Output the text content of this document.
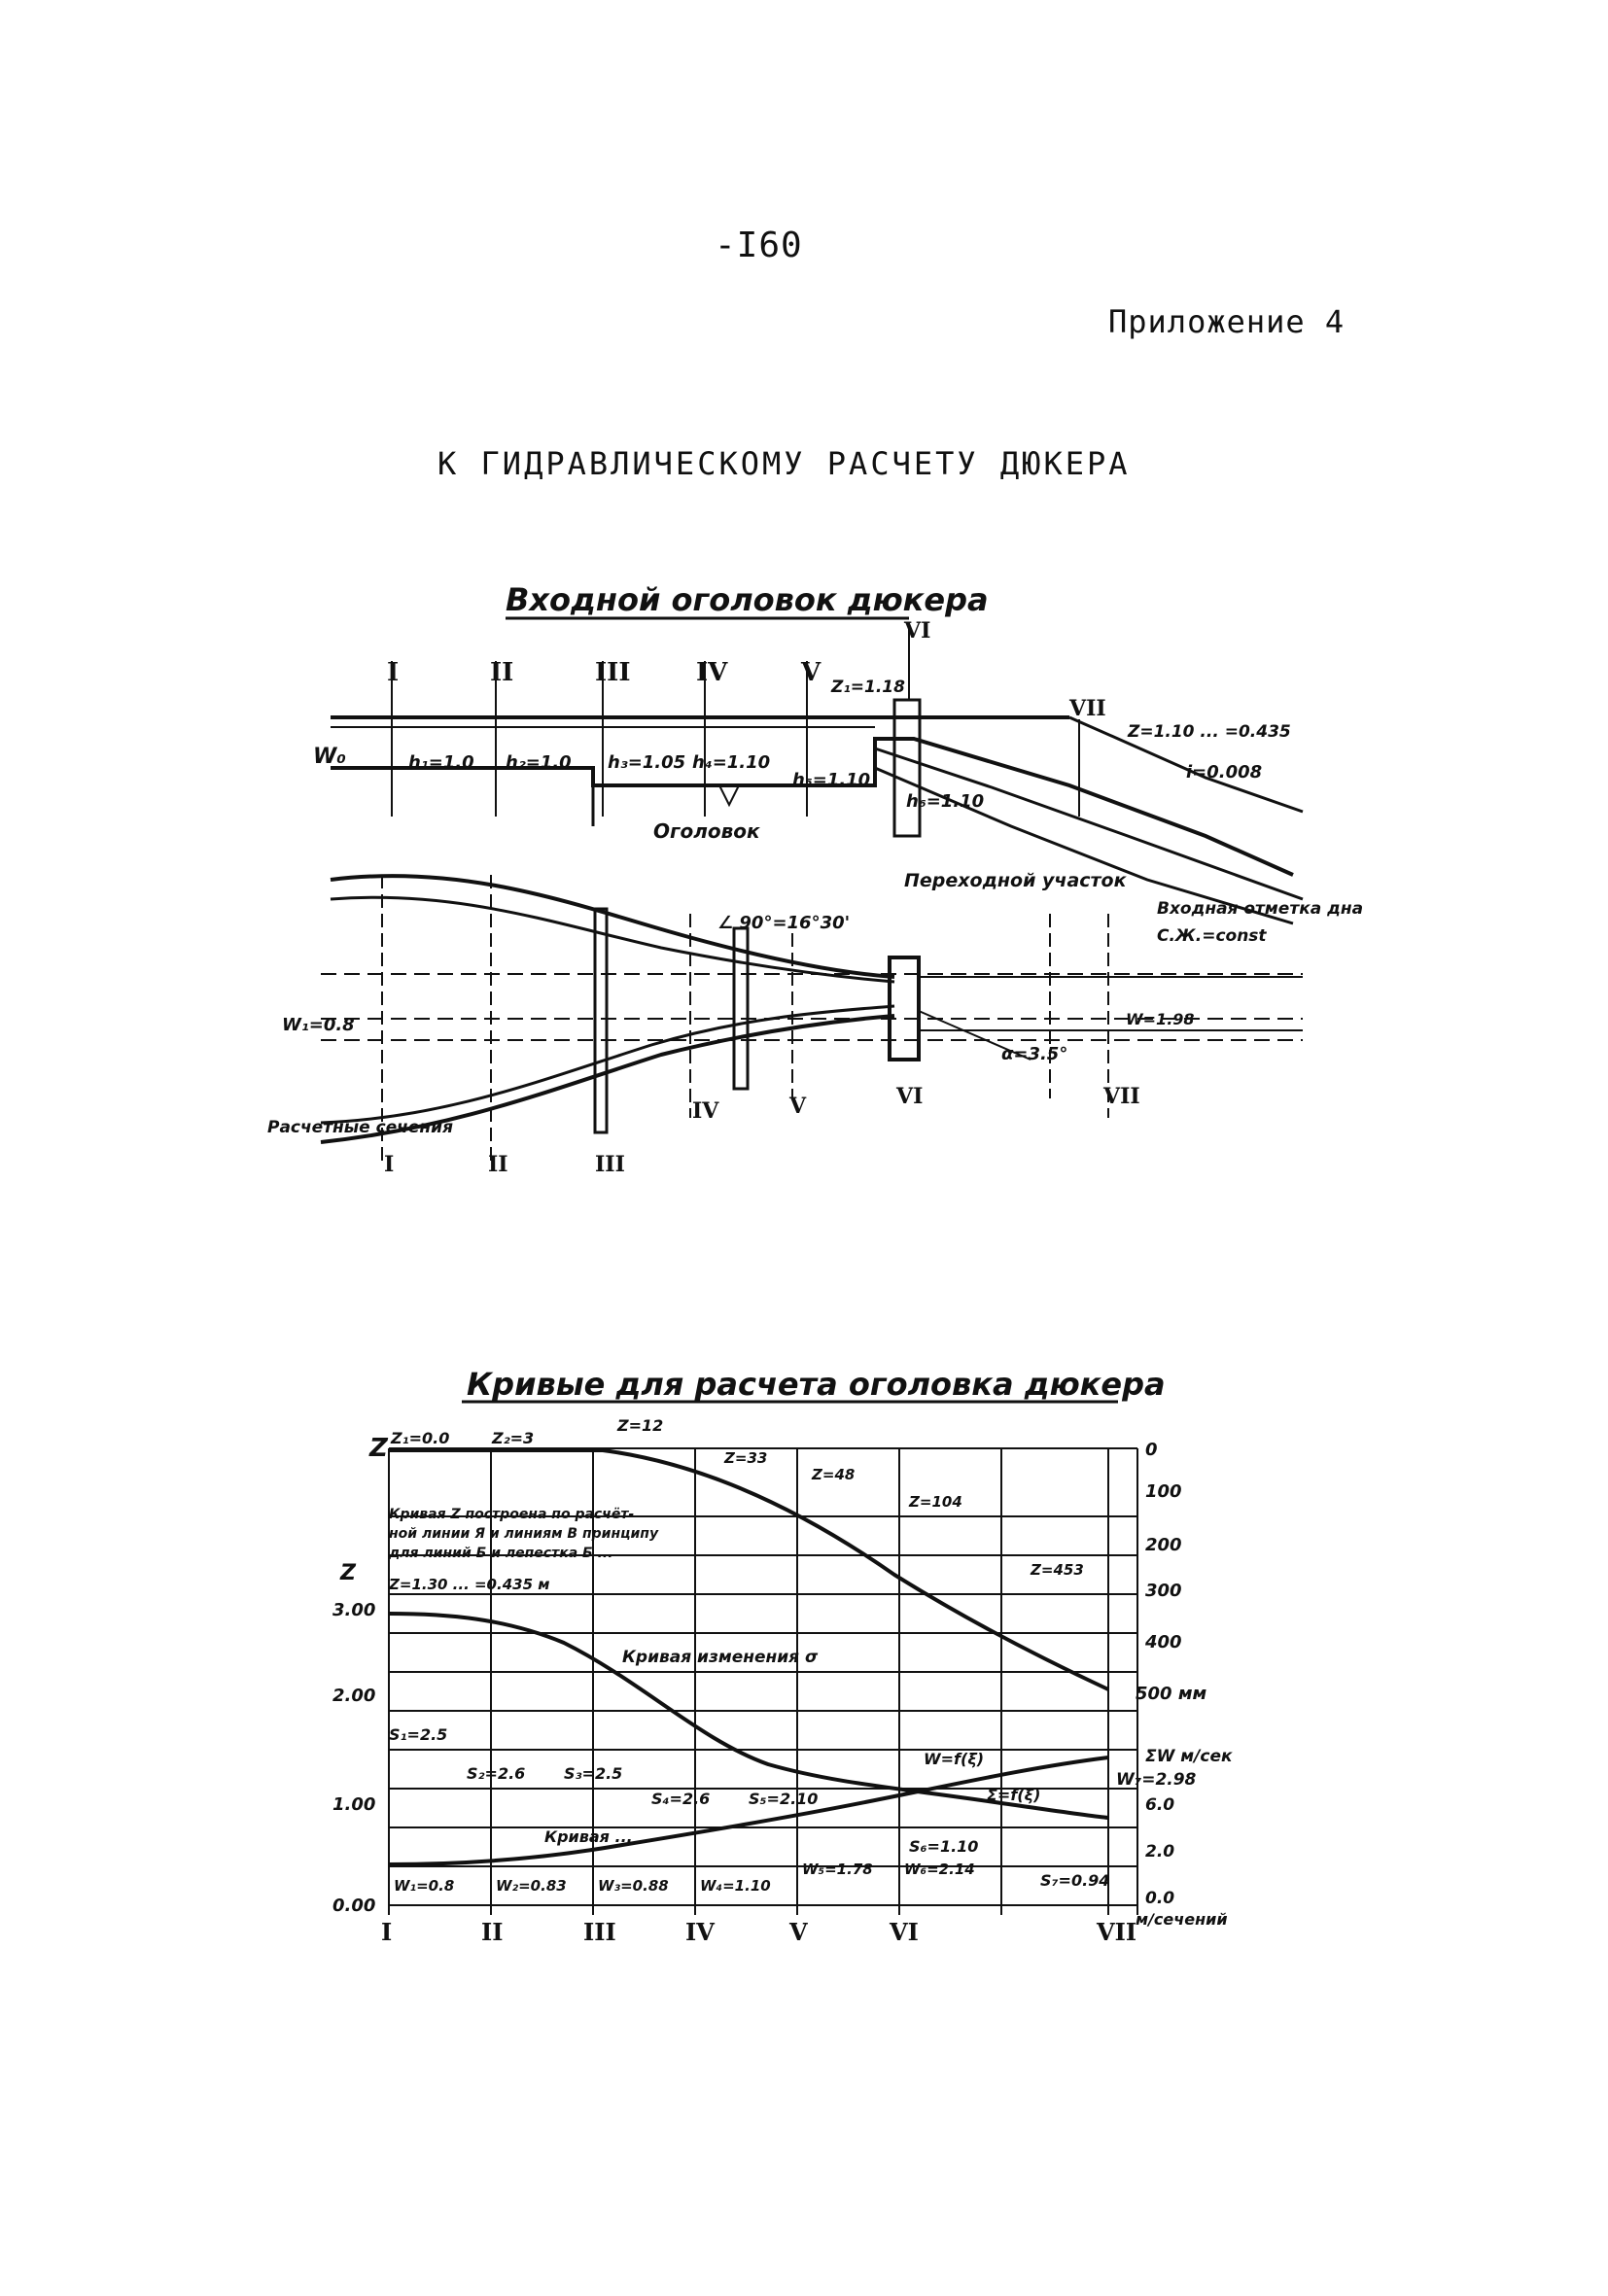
-I60
Приложение 4
К ГИДРАВЛИЧЕСКОМУ РАСЧЕТУ ДЮКЕРА
Входной оголовок дюкера
I	II	III	IV	V
VI
VII
W₀	h₁=1.0 h₂=1.0 h₃=1.05 h₄=1.10
h₅=1.10
h₆=1.10
Z₁=1.18
Z=1.10 ... =0.435
i=0.008
Оголовок
Переходной участок
Входная отметка дна
С.Ж.=const
∠ 90°=16°30'
α=3.5°
W₁=0.8	W=1.98
Расчетные сечения
I	II	III
IV	V	VI	VII
Кривые для расчета оголовка дюкера
Z
Z
3.00
2.00
1.00
0.00
0
100
200
300
400
500 мм
ΣW м/сек
W₇=2.98
6.0
2.0
0.0
м/сечений
I	II	III	IV	V	VI	VII
Z₁=0.0	Z₂=3
Z=12
Z=33
Z=48
Z=104
Z=453
Кривая Z построена по расчёт-
ной линии Я и линиям В принципу
для линий Б и лепестка Б ...
Z=1.30 ... =0.435 м
W=f(ξ)
Кривая изменения σ
Кривая ...
Σ=f(ξ)
S₁=2.5
S₂=2.6 S₃=2.5
S₄=2.6 S₅=2.10
S₆=1.10
S₇=0.94
W₁=0.8	W₂=0.83 W₃=0.88 W₄=1.10
W₅=1.78 W₆=2.14
